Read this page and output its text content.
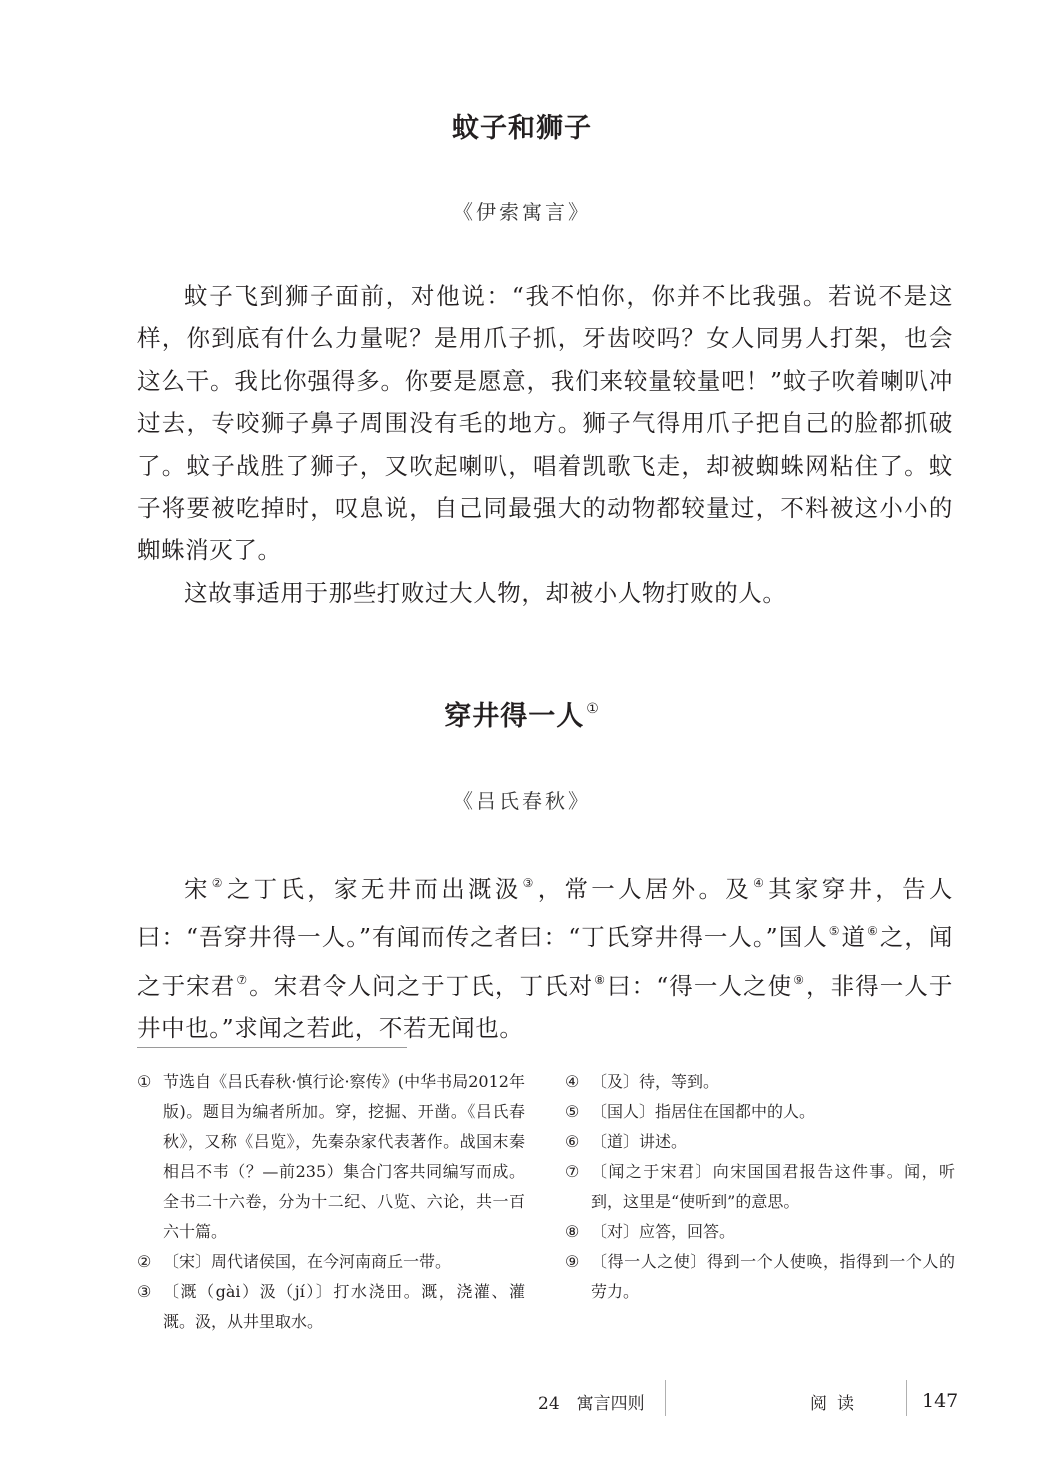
蚊子和狮子
《伊索寓言》

蚊子飞到狮子面前，对他说：“我不怕你，你并不比我强。若说不是这样，你到底有什么力量呢？是用爪子抓，牙齿咬吗？女人同男人打架，也会这么干。我比你强得多。你要是愿意，我们来较量较量吧！”蚊子吹着喇叭冲过去，专咬狮子鼻子周围没有毛的地方。狮子气得用爪子把自己的脸都抓破了。蚊子战胜了狮子，又吹起喇叭，唱着凯歌飞走，却被蜘蛛网粘住了。蚊子将要被吃掉时，叹息说，自己同最强大的动物都较量过，不料被这小小的蜘蛛消灭了。

这故事适用于那些打败过大人物，却被小人物打败的人。

穿井得一人 ①
《吕氏春秋》

宋②之丁氏，家无井而出溉汲③，常一人居外。及④其家穿井，告人曰：“吾穿井得一人。”有闻而传之者曰：“丁氏穿井得一人。”国人⑤道⑥之，闻之于宋君⑦。宋君令人问之于丁氏，丁氏对⑧曰：“得一人之使⑨，非得一人于井中也。”求闻之若此，不若无闻也。

① 节选自《吕氏春秋·慎行论·察传》(中华书局2012年版)。题目为编者所加。穿，挖掘、开凿。《吕氏春秋》，又称《吕览》，先秦杂家代表著作。战国末秦相吕不韦（？—前235）集合门客共同编写而成。全书二十六卷，分为十二纪、八览、六论，共一百六十篇。
② 〔宋〕周代诸侯国，在今河南商丘一带。
③ 〔溉（gài）汲（jí）〕打水浇田。溉，浇灌、灌溉。汲，从井里取水。
④ 〔及〕待，等到。
⑤ 〔国人〕指居住在国都中的人。
⑥ 〔道〕讲述。
⑦ 〔闻之于宋君〕向宋国国君报告这件事。闻，听到，这里是“使听到”的意思。
⑧ 〔对〕应答，回答。
⑨ 〔得一人之使〕得到一个人使唤，指得到一个人的劳力。
24　寓言四则	阅读	147
